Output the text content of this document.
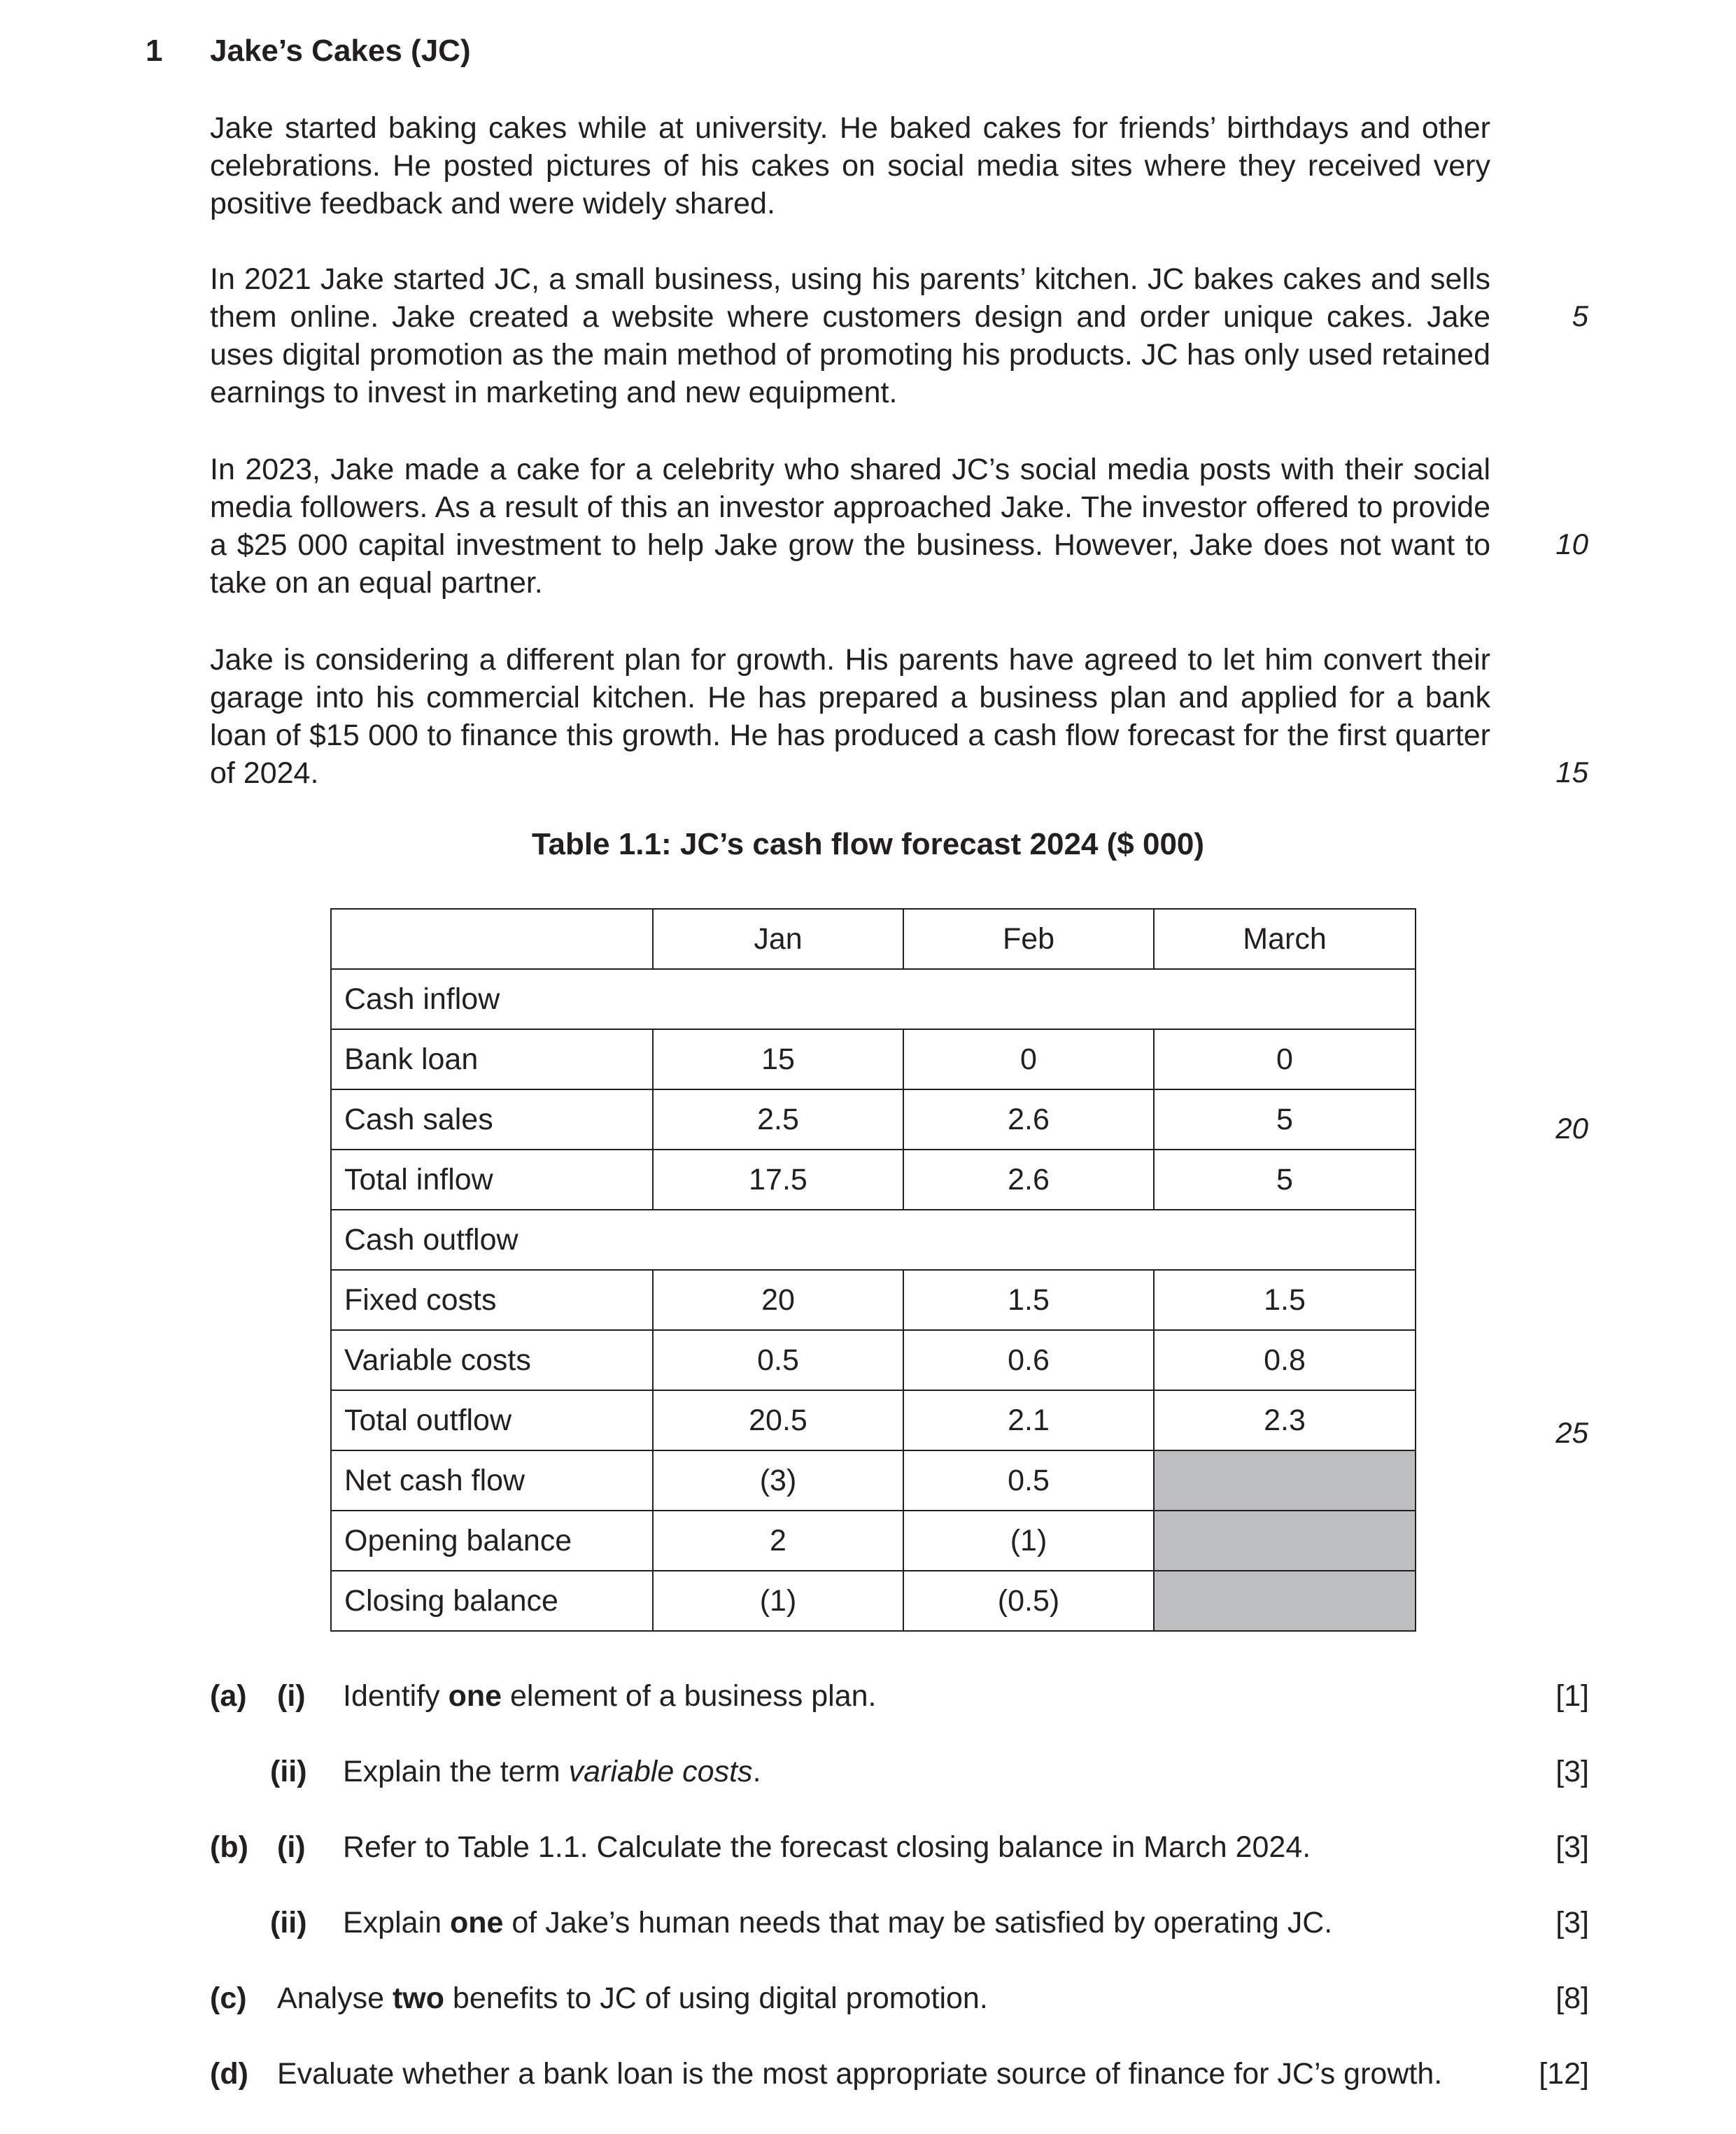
1 Jake’s Cakes (JC)

Jake started baking cakes while at university. He baked cakes for friends’ birthdays and other celebrations. He posted pictures of his cakes on social media sites where they received very positive feedback and were widely shared.

In 2021 Jake started JC, a small business, using his parents’ kitchen. JC bakes cakes and sells them online. Jake created a website where customers design and order unique cakes. Jake uses digital promotion as the main method of promoting his products. JC has only used retained earnings to invest in marketing and new equipment.

In 2023, Jake made a cake for a celebrity who shared JC’s social media posts with their social media followers. As a result of this an investor approached Jake. The investor offered to provide a $25 000 capital investment to help Jake grow the business. However, Jake does not want to take on an equal partner.

Jake is considering a different plan for growth. His parents have agreed to let him convert their garage into his commercial kitchen. He has prepared a business plan and applied for a bank loan of $15 000 to finance this growth. He has produced a cash flow forecast for the first quarter of 2024.

5
10
15
20
25
Table 1.1: JC’s cash flow forecast 2024 ($ 000)
	Jan	Feb	March
Cash inflow			
Bank loan	15	0	0
Cash sales	2.5	2.6	5
Total inflow	17.5	2.6	5
Cash outflow			
Fixed costs	20	1.5	1.5
Variable costs	0.5	0.6	0.8
Total outflow	20.5	2.1	2.3
Net cash flow	(3)	0.5	
Opening balance	2	(1)	
Closing balance	(1)	(0.5)	
(a) (i) Identify one element of a business plan.	[1]
(ii) Explain the term variable costs.	[3]
(b) (i) Refer to Table 1.1. Calculate the forecast closing balance in March 2024.	[3]
(ii) Explain one of Jake’s human needs that may be satisfied by operating JC.	[3]
(c) Analyse two benefits to JC of using digital promotion.	[8]
(d) Evaluate whether a bank loan is the most appropriate source of finance for JC’s growth.	[12]
